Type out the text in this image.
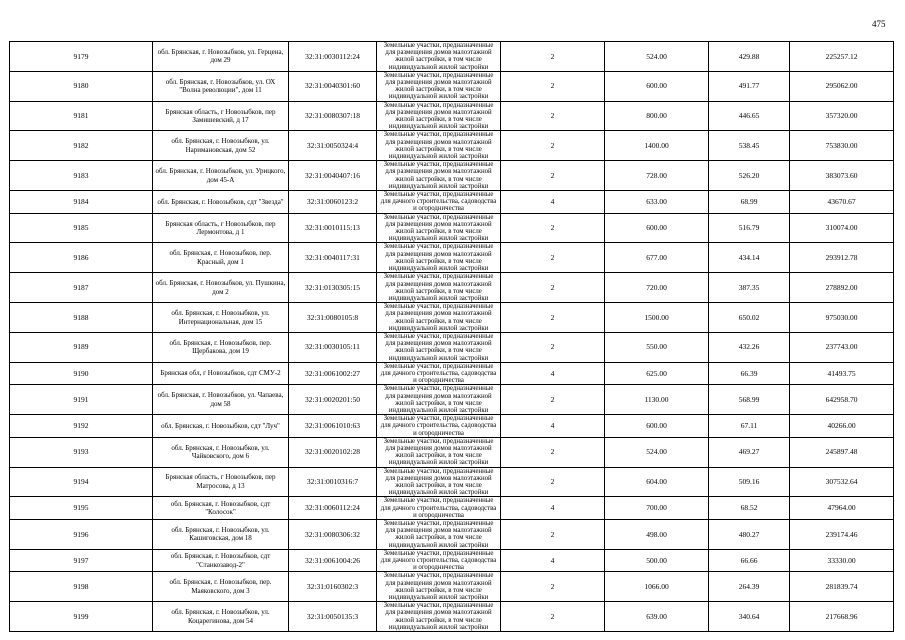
475
9179	обл. Брянская, г. Новозыбков, ул. Герцена, дом 29	32:31:0030112:24	Земельные участки, предназначенные для размещения домов малоэтажной жилой застройки, в том числе индивидуальной жилой застройки	2	524.00	429.88	225257.12
9180	обл. Брянская, г. Новозыбков, ул. ОХ "Волна революции", дом 11	32:31:0040301:60	Земельные участки, предназначенные для размещения домов малоэтажной жилой застройки, в том числе индивидуальной жилой застройки	2	600.00	491.77	295062.00
9181	Брянская область, г Новозыбков, пер Замишевский, д 17	32:31:0080307:18	Земельные участки, предназначенные для размещения домов малоэтажной жилой застройки, в том числе индивидуальной жилой застройки	2	800.00	446.65	357320.00
9182	обл. Брянская, г. Новозыбков, ул. Наримановская, дом 52	32:31:0050324:4	Земельные участки, предназначенные для размещения домов малоэтажной жилой застройки, в том числе индивидуальной жилой застройки	2	1400.00	538.45	753830.00
9183	обл. Брянская, г. Новозыбков, ул. Урицкого, дом 45-А	32:31:0040407:16	Земельные участки, предназначенные для размещения домов малоэтажной жилой застройки, в том числе индивидуальной жилой застройки	2	728.00	526.20	383073.60
9184	обл. Брянская, г. Новозыбков, сдт "Звезда"	32:31:0060123:2	Земельные участки, предназначенные для дачного строительства, садоводства и огородничества	4	633.00	68.99	43670.67
9185	Брянская область, г Новозыбков, пер Лермонтова, д 1	32:31:0010115:13	Земельные участки, предназначенные для размещения домов малоэтажной жилой застройки, в том числе индивидуальной жилой застройки	2	600.00	516.79	310074.00
9186	обл. Брянская, г. Новозыбков, пер. Красный, дом 1	32:31:0040117:31	Земельные участки, предназначенные для размещения домов малоэтажной жилой застройки, в том числе индивидуальной жилой застройки	2	677.00	434.14	293912.78
9187	обл. Брянская, г. Новозыбков, ул. Пушкина, дом 2	32:31:0130305:15	Земельные участки, предназначенные для размещения домов малоэтажной жилой застройки, в том числе индивидуальной жилой застройки	2	720.00	387.35	278892.00
9188	обл. Брянская, г. Новозыбков, ул. Интернациональная, дом 15	32:31:0080105:8	Земельные участки, предназначенные для размещения домов малоэтажной жилой застройки, в том числе индивидуальной жилой застройки	2	1500.00	650.02	975030.00
9189	обл. Брянская, г. Новозыбков, пер. Щербакова, дом 19	32:31:0030105:11	Земельные участки, предназначенные для размещения домов малоэтажной жилой застройки, в том числе индивидуальной жилой застройки	2	550.00	432.26	237743.00
9190	Брянская обл, г Новозыбков, сдт СМУ-2	32:31:0061002:27	Земельные участки, предназначенные для дачного строительства, садоводства и огородничества	4	625.00	66.39	41493.75
9191	обл. Брянская, г. Новозыбков, ул. Чапаева, дом 58	32:31:0020201:50	Земельные участки, предназначенные для размещения домов малоэтажной жилой застройки, в том числе индивидуальной жилой застройки	2	1130.00	568.99	642958.70
9192	обл. Брянская, г. Новозыбков, сдт "Луч"	32:31:0061010:63	Земельные участки, предназначенные для дачного строительства, садоводства и огородничества	4	600.00	67.11	40266.00
9193	обл. Брянская, г. Новозыбков, ул. Чайковского, дом 6	32:31:0020102:28	Земельные участки, предназначенные для размещения домов малоэтажной жилой застройки, в том числе индивидуальной жилой застройки	2	524.00	469.27	245897.48
9194	Брянская область, г Новозыбков, пер Матросова, д 13	32:31:0010316:7	Земельные участки, предназначенные для размещения домов малоэтажной жилой застройки, в том числе индивидуальной жилой застройки	2	604.00	509.16	307532.64
9195	обл. Брянская, г. Новозыбков, сдт "Колосок"	32:31:0060112:24	Земельные участки, предназначенные для дачного строительства, садоводства и огородничества	4	700.00	68.52	47964.00
9196	обл. Брянская, г. Новозыбков, ул. Кашиговская, дом 18	32:31:0080306:32	Земельные участки, предназначенные для размещения домов малоэтажной жилой застройки, в том числе индивидуальной жилой застройки	2	498.00	480.27	239174.46
9197	обл. Брянская, г. Новозыбков, сдт "Станкозавод-2"	32:31:0061004:26	Земельные участки, предназначенные для дачного строительства, садоводства и огородничества	4	500.00	66.66	33330.00
9198	обл. Брянская, г. Новозыбков, пер. Маяковского, дом 3	32:31:0160302:3	Земельные участки, предназначенные для размещения домов малоэтажной жилой застройки, в том числе индивидуальной жилой застройки	2	1066.00	264.39	281839.74
9199	обл. Брянская, г. Новозыбков, ул. Коцарегинова, дом 54	32:31:0050135:3	Земельные участки, предназначенные для размещения домов малоэтажной жилой застройки, в том числе индивидуальной жилой застройки	2	639.00	340.64	217668.96
